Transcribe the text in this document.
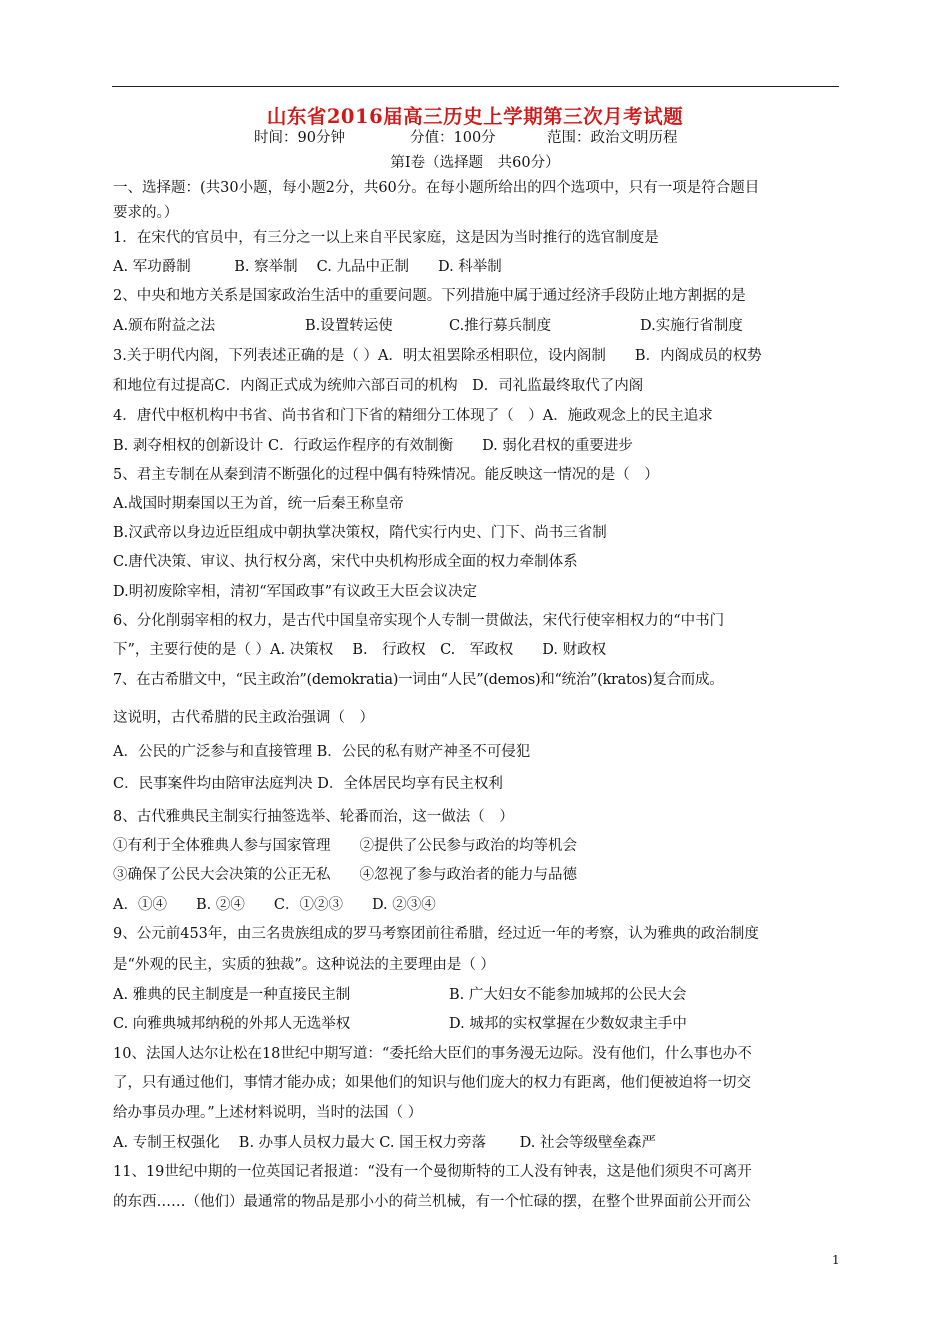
山东省2016届高三历史上学期第三次月考试题
时间：90分钟	分值：100分	范围：政治文明历程
第Ⅰ卷（选择题　共60分）
一、选择题：(共30小题，每小题2分，共60分。在每小题所给出的四个选项中，只有一项是符合题目
要求的。）
1．在宋代的官员中，有三分之一以上来自平民家庭，这是因为当时推行的选官制度是
A. 军功爵制　　　B. 察举制　 C. 九品中正制　　D. 科举制
2、中央和地方关系是国家政治生活中的重要问题。下列措施中属于通过经济手段防止地方割据的是
A.颁布附益之法	B.设置转运使	C.推行募兵制度	D.实施行省制度
3.关于明代内阁，下列表述正确的是（ ）A．明太祖罢除丞相职位，设内阁制　　B．内阁成员的权势
和地位有过提高C．内阁正式成为统帅六部百司的机构　D．司礼监最终取代了内阁
4．唐代中枢机构中书省、尚书省和门下省的精细分工体现了（　）A．施政观念上的民主追求
B. 剥夺相权的创新设计 C．行政运作程序的有效制衡　　D. 弱化君权的重要进步
5、君主专制在从秦到清不断强化的过程中偶有特殊情况。能反映这一情况的是（　）
A.战国时期秦国以王为首，统一后秦王称皇帝
B.汉武帝以身边近臣组成中朝执掌决策权，隋代实行内史、门下、尚书三省制
C.唐代决策、审议、执行权分离，宋代中央机构形成全面的权力牵制体系
D.明初废除宰相，清初“军国政事”有议政王大臣会议决定
6、分化削弱宰相的权力，是古代中国皇帝实现个人专制一贯做法，宋代行使宰相权力的“中书门
下”，主要行使的是（ ）A. 决策权　 B.　行政权　C.　军政权　　D. 财政权
7、在古希腊文中，“民主政治”(demokratia)一词由“人民”(demos)和“统治”(kratos)复合而成。
这说明，古代希腊的民主政治强调（　）
A．公民的广泛参与和直接管理 B．公民的私有财产神圣不可侵犯
C．民事案件均由陪审法庭判决 D．全体居民均享有民主权利
8、古代雅典民主制实行抽签选举、轮番而治，这一做法（　）
①有利于全体雅典人参与国家管理　　②提供了公民参与政治的均等机会
③确保了公民大会决策的公正无私　　④忽视了参与政治者的能力与品德
A．①④　　B. ②④　　C．①②③　　D. ②③④
9、公元前453年，由三名贵族组成的罗马考察团前往希腊，经过近一年的考察，认为雅典的政治制度
是“外观的民主，实质的独裁”。这种说法的主要理由是（ ）
A. 雅典的民主制度是一种直接民主制	B. 广大妇女不能参加城邦的公民大会
C. 向雅典城邦纳税的外邦人无选举权	D. 城邦的实权掌握在少数奴隶主手中
10、法国人达尔让松在18世纪中期写道：“委托给大臣们的事务漫无边际。没有他们，什么事也办不
了，只有通过他们，事情才能办成；如果他们的知识与他们庞大的权力有距离，他们便被迫将一切交
给办事员办理。”上述材料说明，当时的法国（ ）
A. 专制王权强化　 B. 办事人员权力最大 C. 国王权力旁落　　 D. 社会等级壁垒森严
11、19世纪中期的一位英国记者报道：“没有一个曼彻斯特的工人没有钟表，这是他们须臾不可离开
的东西……（他们）最通常的物品是那小小的荷兰机械，有一个忙碌的摆，在整个世界面前公开而公
1
